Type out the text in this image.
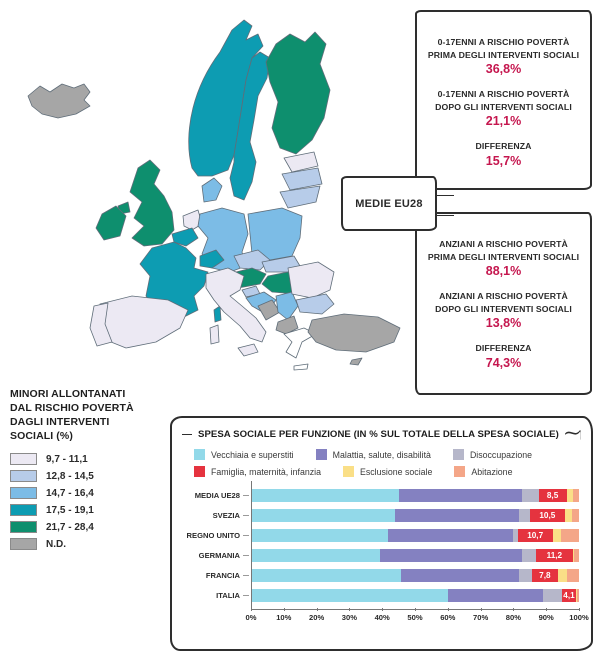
MINORI ALLONTANATI
DAL RISCHIO POVERTÀ
DAGLI INTERVENTI
SOCIALI (%)
9,7 - 11,1
12,8 - 14,5
14,7 - 16,4
17,5 - 19,1
21,7 - 28,4
N.D.
MEDIE EU28
0-17ENNI A RISCHIO POVERTÀ PRIMA DEGLI INTERVENTI SOCIALI
36,8%
0-17ENNI A RISCHIO POVERTÀ DOPO GLI INTERVENTI SOCIALI
21,1%
DIFFERENZA
15,7%
ANZIANI A RISCHIO POVERTÀ PRIMA DEGLI INTERVENTI SOCIALI
88,1%
ANZIANI A RISCHIO POVERTÀ DOPO GLI INTERVENTI SOCIALI
13,8%
DIFFERENZA
74,3%
SPESA SOCIALE PER FUNZIONE (IN % SUL TOTALE DELLA SPESA SOCIALE)
Vecchiaia e superstiti	Malattia, salute, disabilità	Disoccupazione
Famiglia, maternità, infanzia	Esclusione sociale	Abitazione
MEDIA UE28	8,5
SVEZIA	10,5
REGNO UNITO	10,7
GERMANIA	11,2
FRANCIA	7,8
ITALIA	4,1
0%	10% 20% 30% 40% 50% 60% 70% 80% 90% 100%
